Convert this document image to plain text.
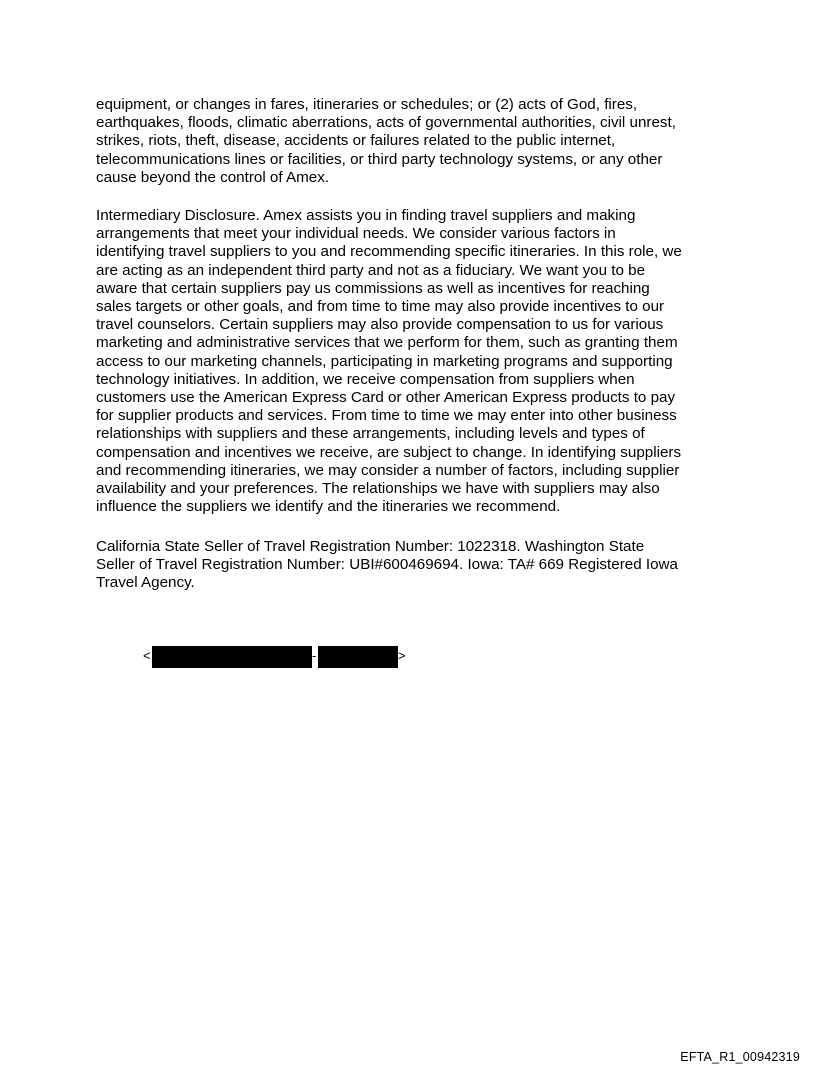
equipment, or changes in fares, itineraries or schedules; or (2) acts of God, fires,
earthquakes, floods, climatic aberrations, acts of governmental authorities, civil unrest,
strikes, riots, theft, disease, accidents or failures related to the public internet,
telecommunications lines or facilities, or third party technology systems, or any other
cause beyond the control of Amex.
Intermediary Disclosure. Amex assists you in finding travel suppliers and making
arrangements that meet your individual needs. We consider various factors in
identifying travel suppliers to you and recommending specific itineraries. In this role, we
are acting as an independent third party and not as a fiduciary. We want you to be
aware that certain suppliers pay us commissions as well as incentives for reaching
sales targets or other goals, and from time to time may also provide incentives to our
travel counselors. Certain suppliers may also provide compensation to us for various
marketing and administrative services that we perform for them, such as granting them
access to our marketing channels, participating in marketing programs and supporting
technology initiatives. In addition, we receive compensation from suppliers when
customers use the American Express Card or other American Express products to pay
for supplier products and services. From time to time we may enter into other business
relationships with suppliers and these arrangements, including levels and types of
compensation and incentives we receive, are subject to change. In identifying suppliers
and recommending itineraries, we may consider a number of factors, including supplier
availability and your preferences. The relationships we have with suppliers may also
influence the suppliers we identify and the itineraries we recommend.
California State Seller of Travel Registration Number: 1022318. Washington State
Seller of Travel Registration Number: UBI#600469694. Iowa: TA# 669 Registered Iowa
Travel Agency.
<	-	>
EFTA_R1_00942319
